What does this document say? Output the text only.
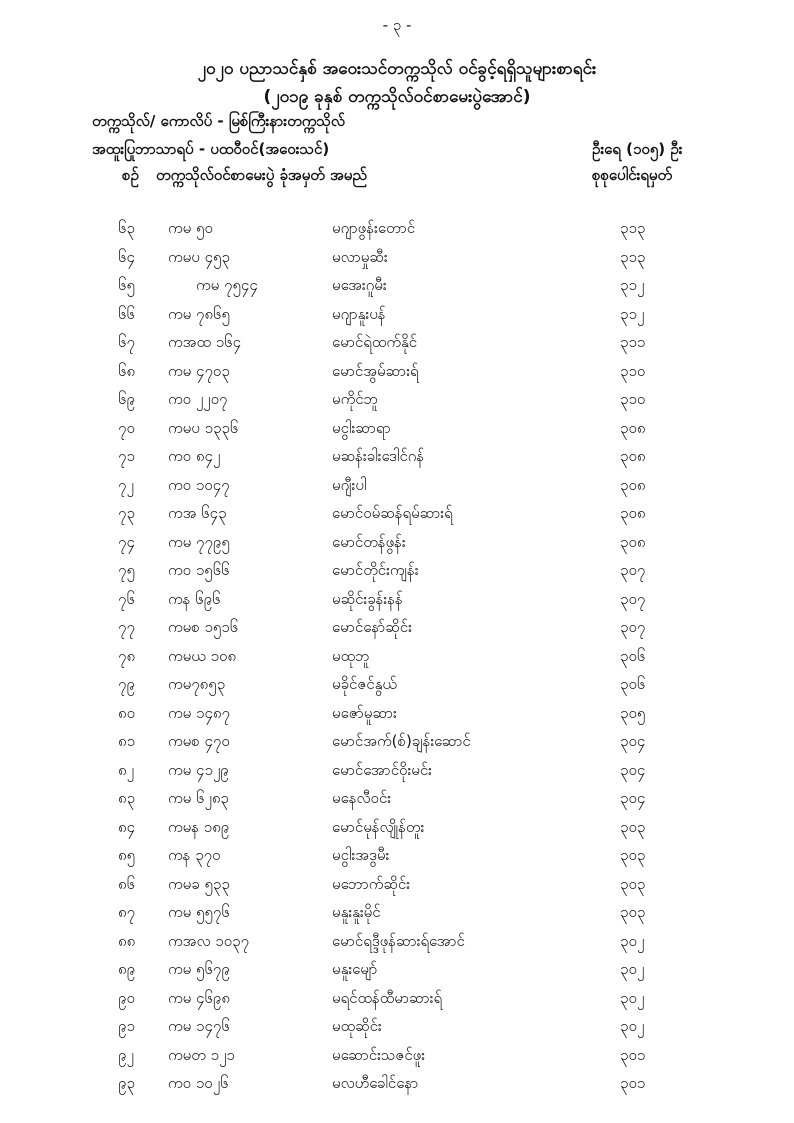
- ၃ -
၂၀၂၀ ပညာသင်နှစ် အဝေးသင်တက္ကသိုလ် ဝင်ခွင့်ရရှိသူများစာရင်း
(၂၀၁၉ ခုနှစ် တက္ကသိုလ်ဝင်စာမေးပွဲအောင်)
တက္ကသိုလ်/ ကောလိပ် - မြစ်ကြီးနားတက္ကသိုလ်
အထူးပြုဘာသာရပ် - ပထဝီဝင်(အဝေးသင်)	ဦးရေ (၁၀၅) ဦး
စဉ် တက္ကသိုလ်ဝင်စာမေးပွဲ ခုံအမှတ် အမည်	စုစုပေါင်းရမှတ်
၆၃ ကမ ၅၀	မဂျာဖွန်းတောင်	၃၁၃
၆၄ ကမပ ၄၅၃	မလာမှုဆီး	၃၁၃
၆၅	ကမ ၇၅၄၄	မအေးဂူမီး	၃၁၂
၆၆ ကမ ၇၈၆၅	မဂျာနူးပန်	၃၁၂
၆၇ ကအထ ၁၆၄	မောင်ရဲထက်နိုင်	၃၁၁
၆၈ ကမ ၄၇၀၃	မောင်အွမ်ဆားရ်	၃၁၀
၆၉ ကဝ ၂၂၀၇	မကိုင်ဘူ	၃၁၀
၇၀ ကမပ ၁၃၃၆	မငွါးဆာရာ	၃၀၈
၇၁ ကဝ ၈၄၂	မဆန်းခါးဒေါင်ဂန်	၃၀၈
၇၂ ကဝ ၁၀၄၇	မဂျီးပါ	၃၀၈
၇၃ ကအ ၆၄၃	မောင်ဝမ်ဆန်ရမ်ဆားရ်	၃၀၈
၇၄ ကမ ၇၇၉၅	မောင်တန်ဖွန်း	၃၀၈
၇၅ ကဝ ၁၅၆၆	မောင်တိုင်းကျန်း	၃၀၇
၇၆ ကန ၆၉၆	မဆိုင်းခွန်းနန်	၃၀၇
၇၇ ကမစ ၁၅၁၆	မောင်နော်ဆိုင်း	၃၀၇
၇၈ ကမယ ၁၀၈	မထုဘူ	၃၀၆
၇၉ ကမ၇၈၅၃	မခိုင်ဇင်နွယ်	၃၀၆
၈၀ ကမ ၁၄၈၇	မဇော်မူဆား	၃၀၅
၈၁ ကမစ ၄၇၀	မောင်အက်(စ်)ချန်းဆောင်	၃၀၄
၈၂ ကမ ၄၁၂၉	မောင်အောင်ဝိုးမင်း	၃၀၄
၈၃ ကမ ၆၂၈၃	မနေလီဝင်း	၃၀၄
၈၄ ကမန ၁၈၉	မောင်မုန်လျိုန်တူး	၃၀၃
၈၅ ကန ၃၇၀	မငွါးအဒွမီး	၃၀၃
၈၆ ကမခ ၅၃၃	မဘောက်ဆိုင်း	၃၀၃
၈၇ ကမ ၅၅၇၆	မနူးနူးမိုင်	၃၀၃
၈၈ ကအလ ၁၀၃၇	မောင်ရဒ္ဒီဖုန်ဆားရ်အောင်	၃၀၂
၈၉ ကမ ၅၆၇၉	မနူးမျော်	၃၀၂
၉၀ ကမ ၄၆၉၈	မရင်ထန်ထီမာဆားရ်	၃၀၂
၉၁ ကမ ၁၄၇၆	မထုဆိုင်း	၃၀၂
၉၂ ကမတ ၁၂၁	မဆောင်းသဇင်ဖူး	၃၀၁
၉၃ ကဝ ၁၀၂၆	မလဟီခေါင်နော	၃၀၁
